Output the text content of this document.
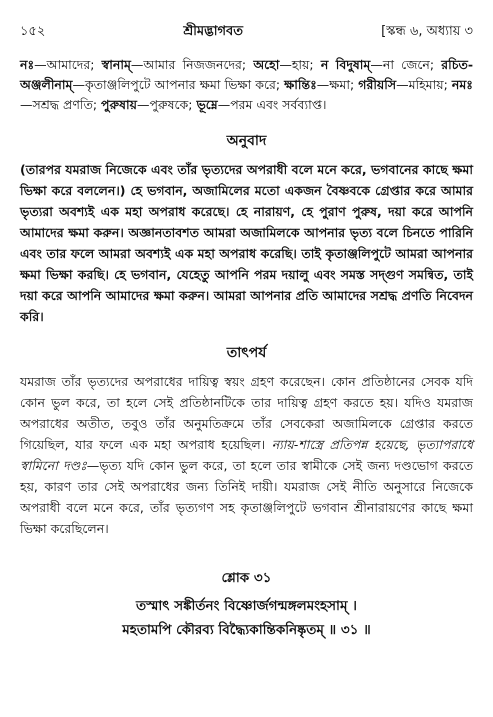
১৫২	শ্রীমদ্ভাগবত	[স্কন্ধ ৬, অধ্যায় ৩
নঃ—আমাদের; স্বানাম্—আমার নিজজনদের; অহো—হায়; ন বিদুষাম্—না জেনে; রচিত-অঞ্জলীনাম্—কৃতাঞ্জলিপুটে আপনার ক্ষমা ভিক্ষা করে; ক্ষান্তিঃ—ক্ষমা; গরীয়সি—মহিমায়; নমঃ—সশ্রদ্ধ প্রণতি; পুরুষায়—পুরুষকে; ভূম্নে—পরম এবং সর্বব্যাপ্ত।
অনুবাদ
(তারপর যমরাজ নিজেকে এবং তাঁর ভৃত্যদের অপরাধী বলে মনে করে, ভগবানের কাছে ক্ষমা ভিক্ষা করে বললেন।) হে ভগবান, অজামিলের মতো একজন বৈষ্ণবকে গ্রেপ্তার করে আমার ভৃত্যরা অবশ্যই এক মহা অপরাধ করেছে। হে নারায়ণ, হে পুরাণ পুরুষ, দয়া করে আপনি আমাদের ক্ষমা করুন। অজ্ঞানতাবশত আমরা অজামিলকে আপনার ভৃত্য বলে চিনতে পারিনি এবং তার ফলে আমরা অবশ্যই এক মহা অপরাধ করেছি। তাই কৃতাঞ্জলিপুটে আমরা আপনার ক্ষমা ভিক্ষা করছি। হে ভগবান, যেহেতু আপনি পরম দয়ালু এবং সমস্ত সদ্গুণ সমন্বিত, তাই দয়া করে আপনি আমাদের ক্ষমা করুন। আমরা আপনার প্রতি আমাদের সশ্রদ্ধ প্রণতি নিবেদন করি।
তাৎপর্য
যমরাজ তাঁর ভৃত্যদের অপরাধের দায়িত্ব স্বয়ং গ্রহণ করেছেন। কোন প্রতিষ্ঠানের সেবক যদি কোন ভুল করে, তা হলে সেই প্রতিষ্ঠানটিকে তার দায়িত্ব গ্রহণ করতে হয়। যদিও যমরাজ অপরাধের অতীত, তবুও তাঁর অনুমতিক্রমে তাঁর সেবকেরা অজামিলকে গ্রেপ্তার করতে গিয়েছিল, যার ফলে এক মহা অপরাধ হয়েছিল। ন্যায়-শাস্ত্রে প্রতিপন্ন হয়েছে, ভৃত্যাপরাধে স্বামিনো দণ্ডঃ—ভৃত্য যদি কোন ভুল করে, তা হলে তার স্বামীকে সেই জন্য দণ্ডভোগ করতে হয়, কারণ তার সেই অপরাধের জন্য তিনিই দায়ী। যমরাজ সেই নীতি অনুসারে নিজেকে অপরাধী বলে মনে করে, তাঁর ভৃত্যগণ সহ কৃতাঞ্জলিপুটে ভগবান শ্রীনারায়ণের কাছে ক্ষমা ভিক্ষা করেছিলেন।
শ্লোক ৩১
তস্মাৎ সঙ্কীর্তনং বিষ্ণোর্জগন্মঙ্গলমংহসাম্ ।
মহতামপি কৌরব্য বিদ্ধ্যৈকান্তিকনিষ্কৃতম্ ॥ ৩১ ॥
